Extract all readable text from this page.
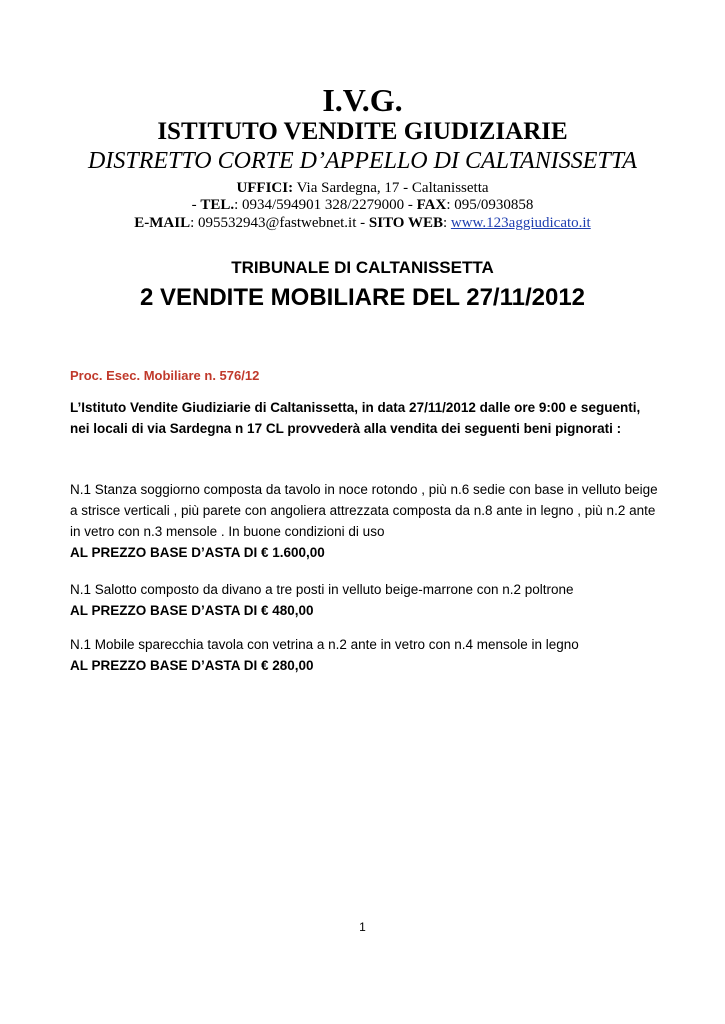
I.V.G.
ISTITUTO VENDITE GIUDIZIARIE
DISTRETTO CORTE D’APPELLO DI CALTANISSETTA
UFFICI: Via Sardegna, 17 - Caltanissetta
- TEL.: 0934/594901 328/2279000 - FAX: 095/0930858
E-MAIL: 095532943@fastwebnet.it - SITO WEB: www.123aggiudicato.it
TRIBUNALE DI CALTANISSETTA
2 VENDITE MOBILIARE DEL 27/11/2012
Proc. Esec. Mobiliare n. 576/12
L’Istituto Vendite Giudiziarie di Caltanissetta, in data 27/11/2012 dalle ore 9:00 e seguenti, nei locali di via Sardegna n 17 CL provvederà alla vendita dei seguenti beni pignorati :
N.1 Stanza soggiorno composta da tavolo in noce rotondo , più n.6 sedie con base in velluto beige a strisce verticali , più parete con angoliera attrezzata composta da n.8 ante in legno , più n.2 ante in vetro con n.3 mensole . In buone condizioni di uso
AL PREZZO BASE D’ASTA DI € 1.600,00
N.1 Salotto composto da divano a tre posti in velluto beige-marrone con n.2 poltrone
AL PREZZO BASE D’ASTA DI € 480,00
N.1 Mobile sparecchia tavola con vetrina a n.2 ante in vetro con n.4 mensole in legno
AL PREZZO BASE D’ASTA DI € 280,00
1
